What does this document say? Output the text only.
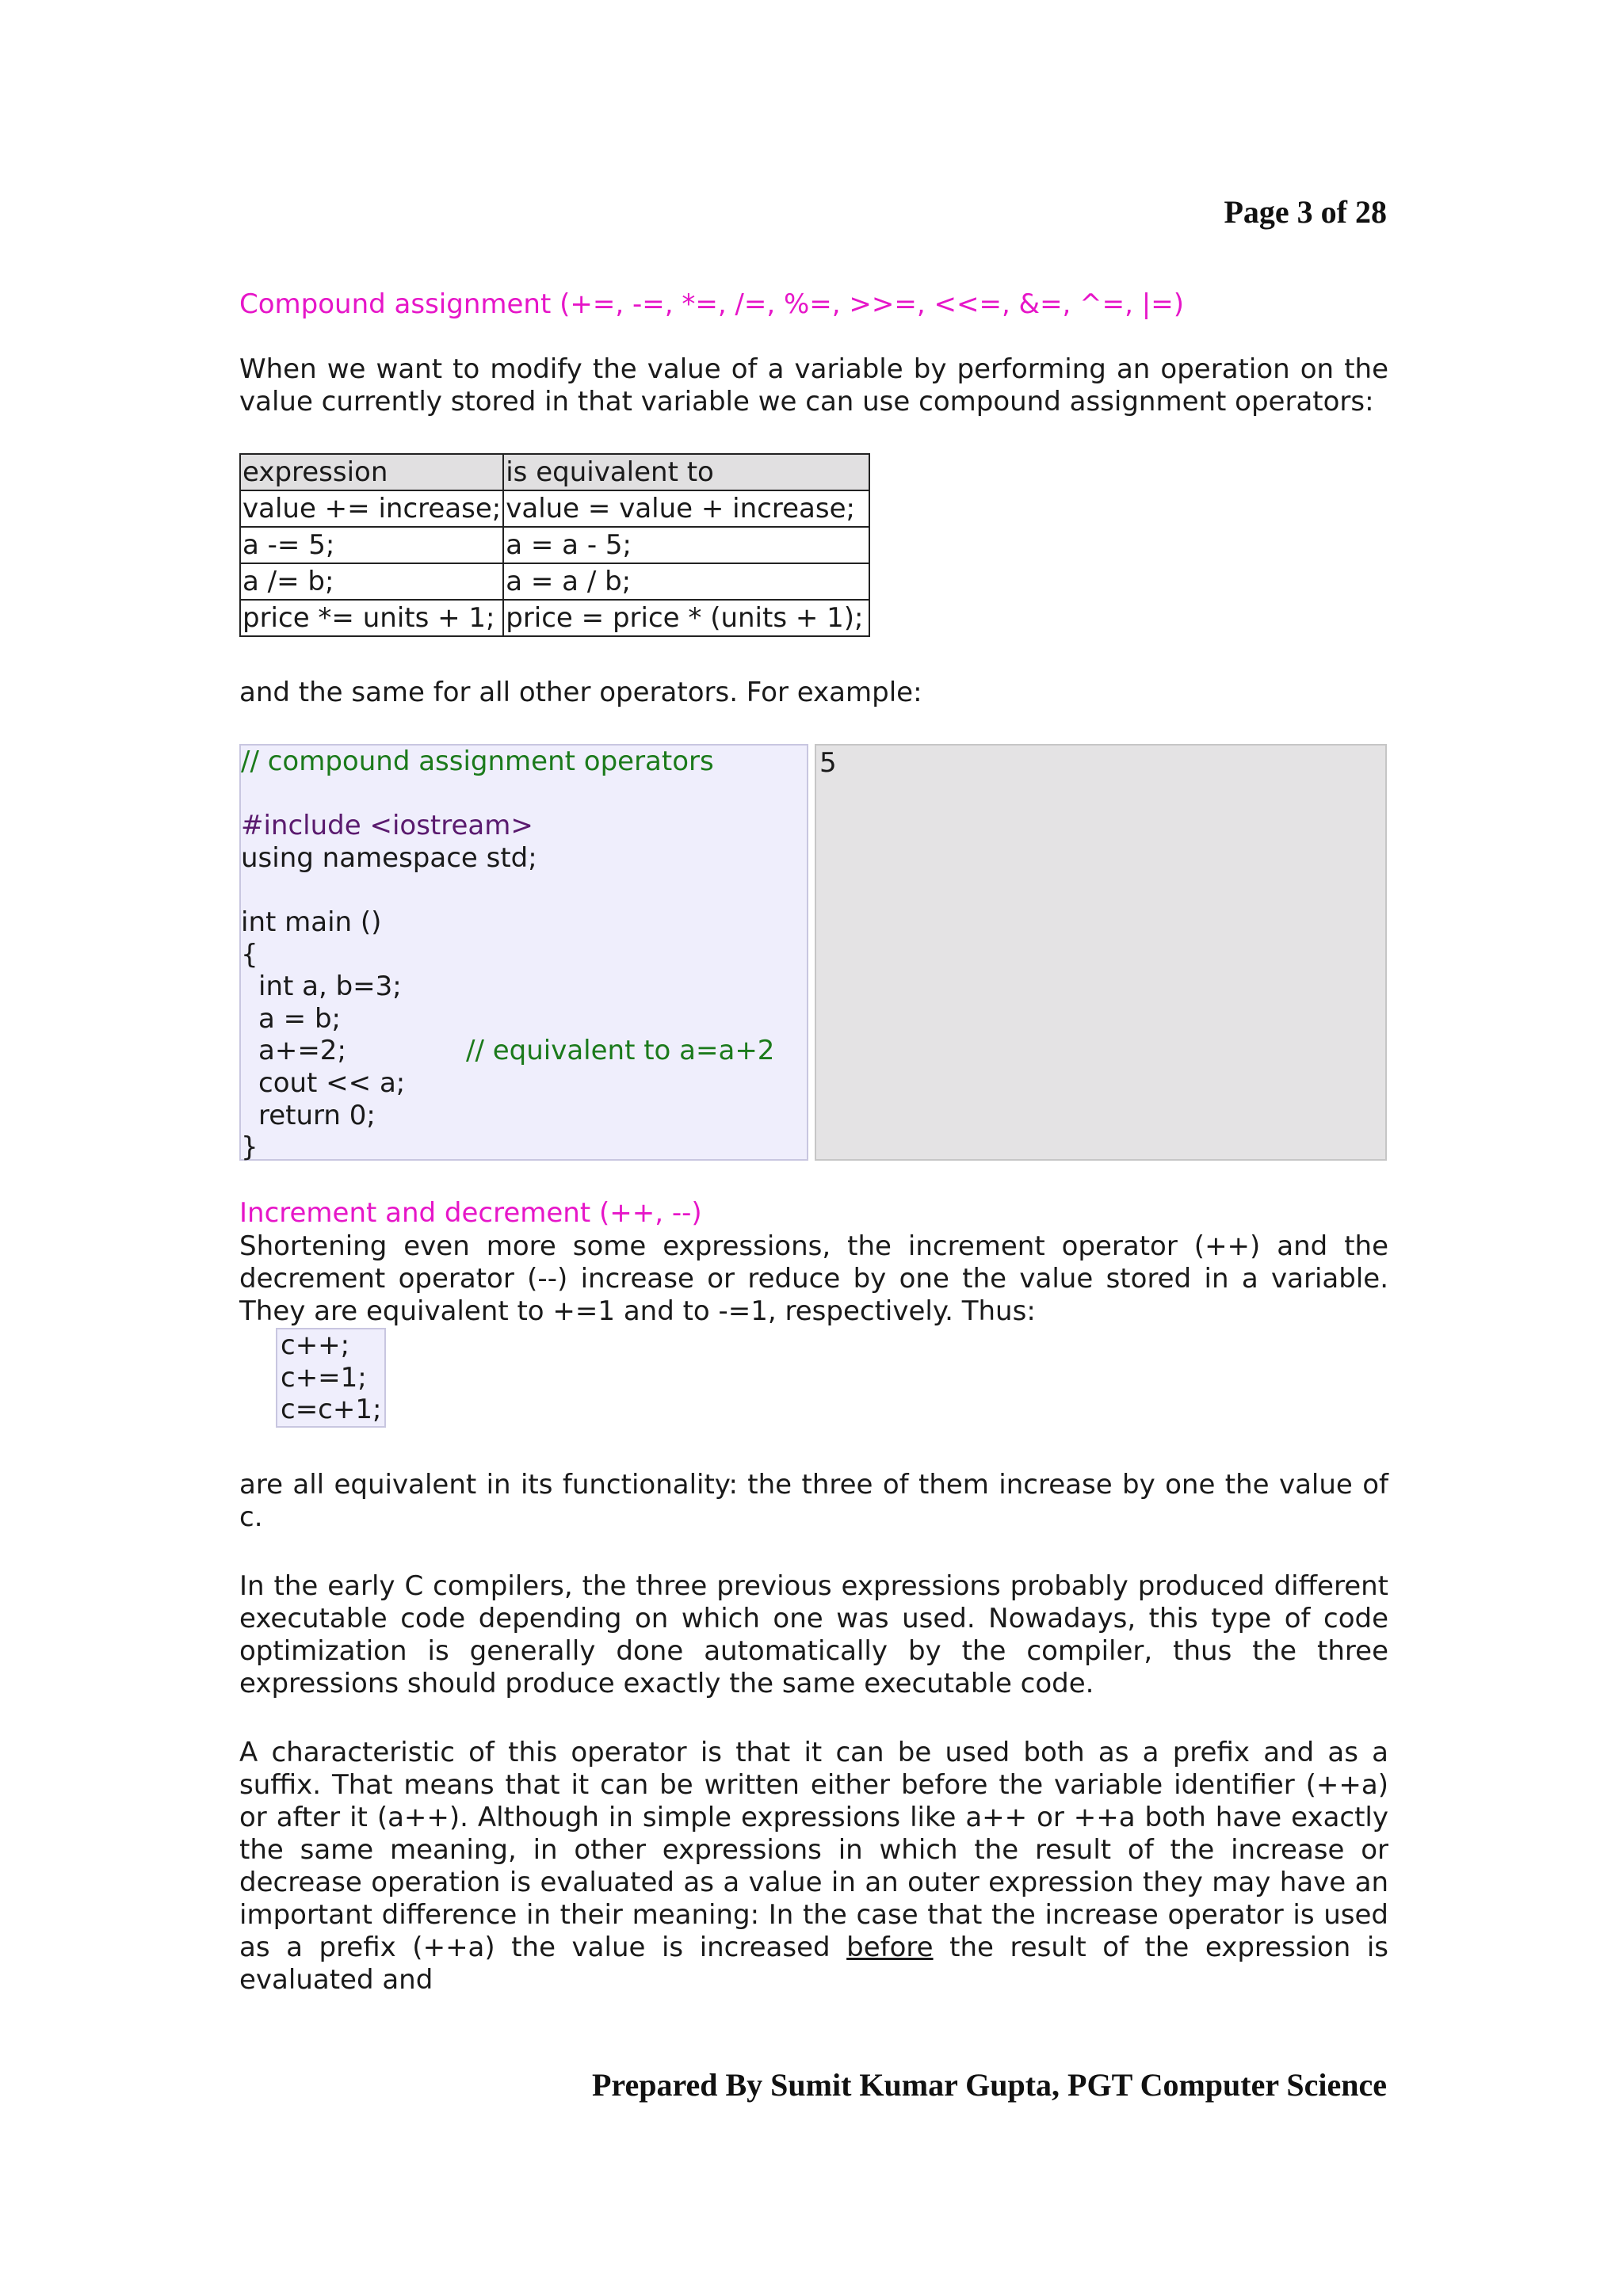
Page 3 of 28
Compound assignment (+=, -=, *=, /=, %=, >>=, <<=, &=, ^=, |=)
When we want to modify the value of a variable by performing an operation on the value currently stored in that variable we can use compound assignment operators:
expression	is equivalent to
value += increase;	value = value + increase;
a -= 5;	a = a - 5;
a /= b;	a = a / b;
price *= units + 1;	price = price * (units + 1);
and the same for all other operators. For example:
// compound assignment operators

#include <iostream>
using namespace std;

int main ()
{
int a, b=3;
a = b;
a+=2;	// equivalent to a=a+2
cout << a;
return 0;
}
5
Increment and decrement (++, --)
Shortening even more some expressions, the increment operator (++) and the decrement operator (--) increase or reduce by one the value stored in a variable. They are equivalent to +=1 and to -=1, respectively. Thus:
c++;
c+=1;
c=c+1;
are all equivalent in its functionality: the three of them increase by one the value of c.
In the early C compilers, the three previous expressions probably produced different executable code depending on which one was used. Nowadays, this type of code optimization is generally done automatically by the compiler, thus the three expressions should produce exactly the same executable code.
A characteristic of this operator is that it can be used both as a prefix and as a suffix. That means that it can be written either before the variable identifier (++a) or after it (a++). Although in simple expressions like a++ or ++a both have exactly the same meaning, in other expressions in which the result of the increase or decrease operation is evaluated as a value in an outer expression they may have an important difference in their meaning: In the case that the increase operator is used as a prefix (++a) the value is increased before the result of the expression is evaluated and
Prepared By Sumit Kumar Gupta, PGT Computer Science
